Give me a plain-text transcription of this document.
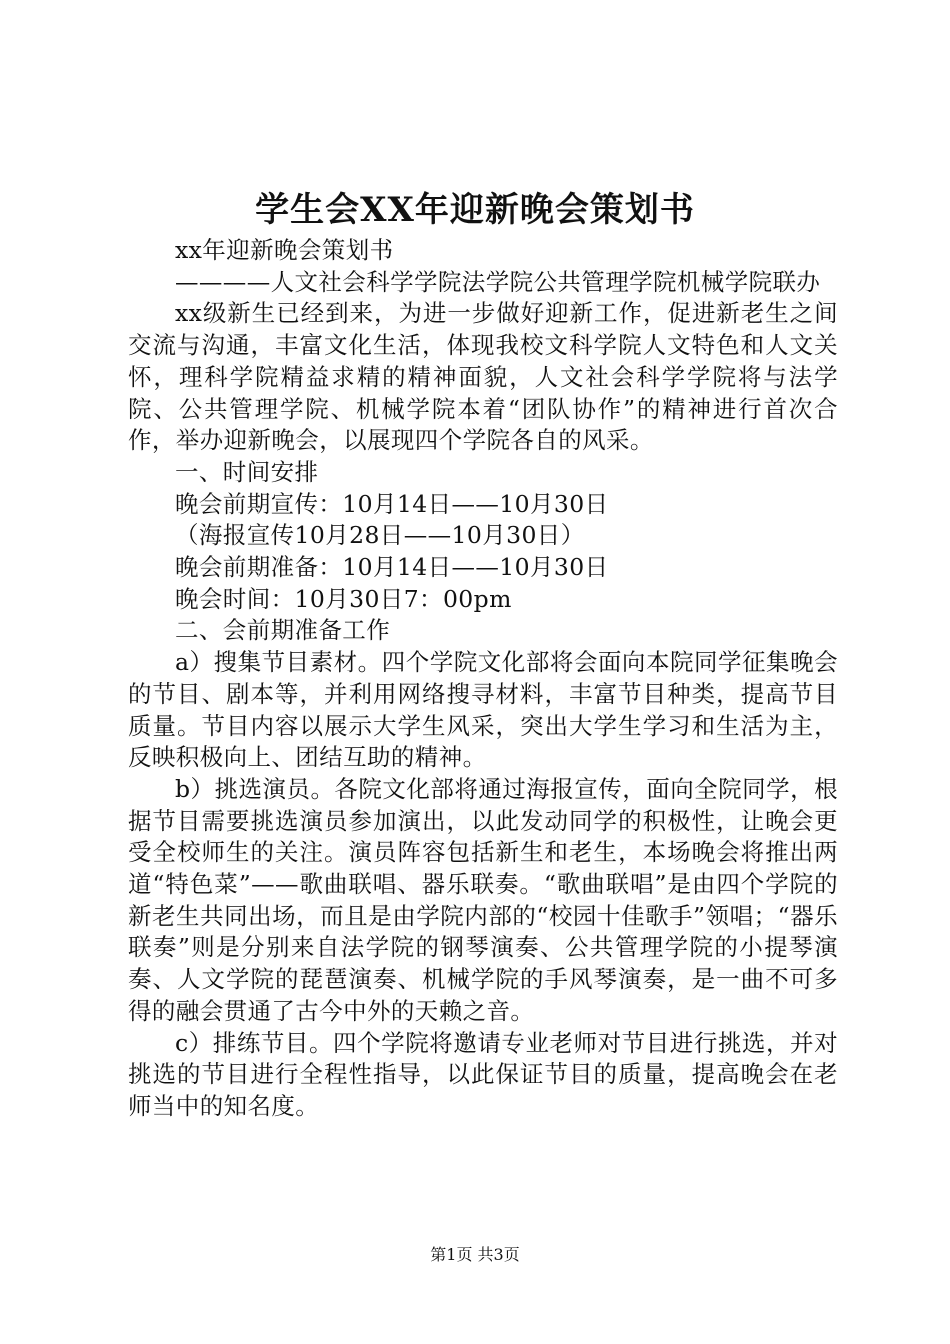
学生会XX年迎新晚会策划书

xx年迎新晚会策划书

————人文社会科学学院法学院公共管理学院机械学院联办

xx级新生已经到来，为进一步做好迎新工作，促进新老生之间交流与沟通，丰富文化生活，体现我校文科学院人文特色和人文关怀，理科学院精益求精的精神面貌，人文社会科学学院将与法学院、公共管理学院、机械学院本着“团队协作”的精神进行首次合作，举办迎新晚会，以展现四个学院各自的风采。

一、时间安排

晚会前期宣传：10月14日——10月30日

（海报宣传10月28日——10月30日）

晚会前期准备：10月14日——10月30日

晚会时间：10月30日7：00pm

二、会前期准备工作

a）搜集节目素材。四个学院文化部将会面向本院同学征集晚会的节目、剧本等，并利用网络搜寻材料，丰富节目种类，提高节目质量。节目内容以展示大学生风采，突出大学生学习和生活为主，反映积极向上、团结互助的精神。

b）挑选演员。各院文化部将通过海报宣传，面向全院同学，根据节目需要挑选演员参加演出，以此发动同学的积极性，让晚会更受全校师生的关注。演员阵容包括新生和老生，本场晚会将推出两道“特色菜”——歌曲联唱、器乐联奏。“歌曲联唱”是由四个学院的新老生共同出场，而且是由学院内部的“校园十佳歌手”领唱；“器乐联奏”则是分别来自法学院的钢琴演奏、公共管理学院的小提琴演奏、人文学院的琵琶演奏、机械学院的手风琴演奏，是一曲不可多得的融会贯通了古今中外的天赖之音。

c）排练节目。四个学院将邀请专业老师对节目进行挑选，并对挑选的节目进行全程性指导，以此保证节目的质量，提高晚会在老师当中的知名度。

第1页 共3页
